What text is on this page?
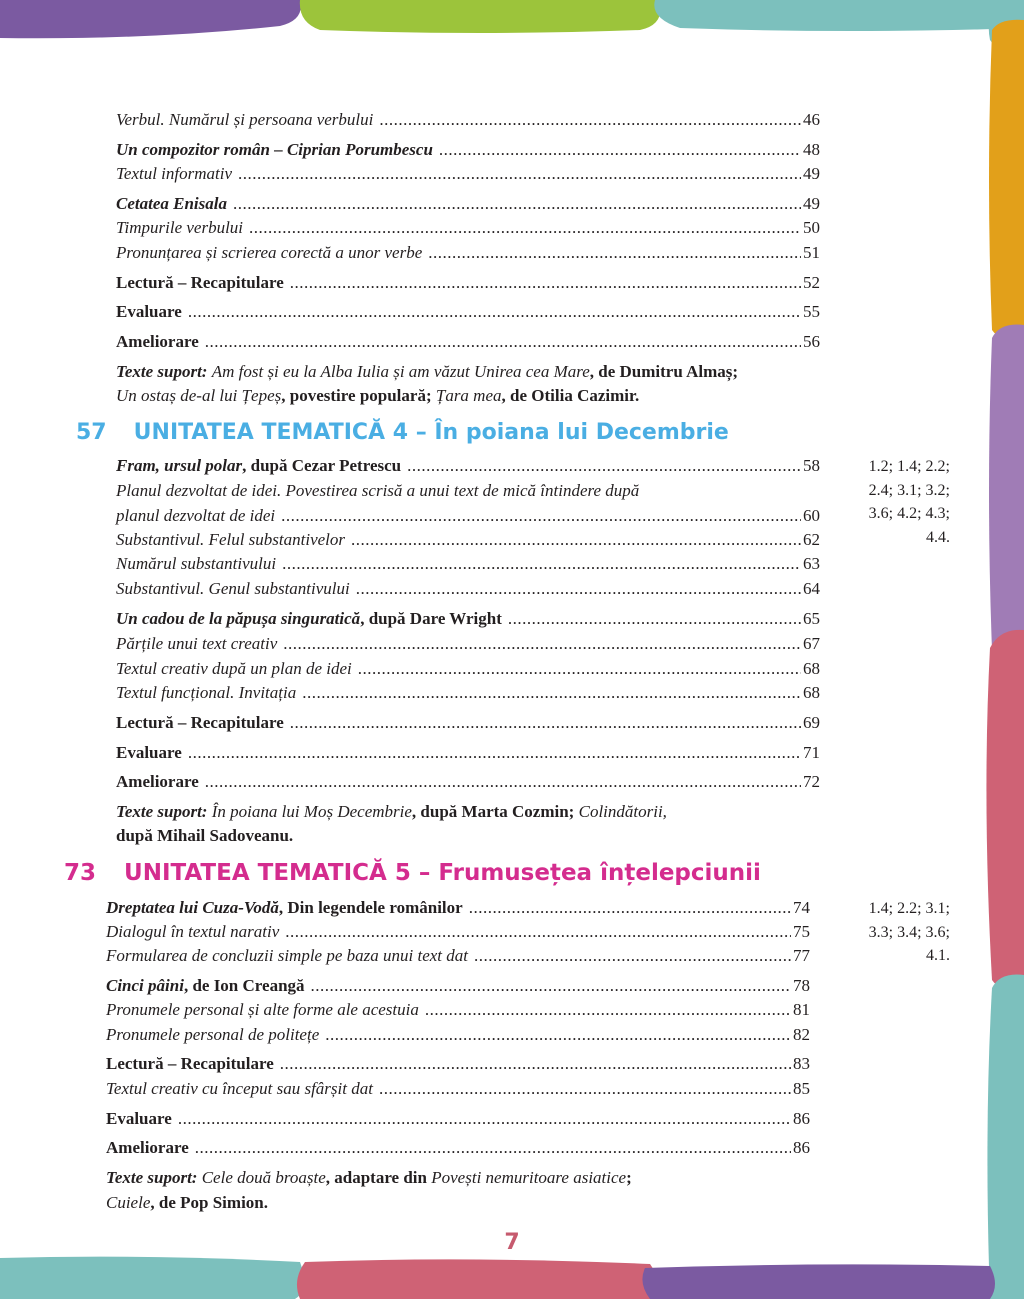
Verbul. Numărul și persoana verbului .....	46
Un compozitor român – Ciprian Porumbescu .....	48
Textul informativ .....	49
Cetatea Enisala .....	49
Timpurile verbului .....	50
Pronunțarea și scrierea corectă a unor verbe .....	51
Lectură – Recapitulare .....	52
Evaluare .....	55
Ameliorare .....	56
Texte suport: Am fost și eu la Alba Iulia și am văzut Unirea cea Mare, de Dumitru Almaș;
Un ostaș de-al lui Țepeș, povestire populară; Țara mea, de Otilia Cazimir.
57 UNITATEA TEMATICĂ 4 – În poiana lui Decembrie
Fram, ursul polar, după Cezar Petrescu .....	58
Planul dezvoltat de idei. Povestirea scrisă a unui text de mică întindere după
planul dezvoltat de idei .....	60
Substantivul. Felul substantivelor .....	62
Numărul substantivului .....	63
Substantivul. Genul substantivului .....	64
Un cadou de la păpușa singuratică, după Dare Wright .....	65
Părțile unui text creativ .....	67
Textul creativ după un plan de idei .....	68
Textul funcțional. Invitația .....	68
Lectură – Recapitulare .....	69
Evaluare .....	71
Ameliorare .....	72
Texte suport: În poiana lui Moș Decembrie, după Marta Cozmin; Colindătorii,
după Mihail Sadoveanu.
1.2; 1.4; 2.2;
2.4; 3.1; 3.2;
3.6; 4.2; 4.3;
4.4.
73 UNITATEA TEMATICĂ 5 – Frumusețea înțelepciunii
Dreptatea lui Cuza-Vodă, Din legendele românilor .....	74
Dialogul în textul narativ .....	75
Formularea de concluzii simple pe baza unui text dat .....	77
Cinci pâini, de Ion Creangă .....	78
Pronumele personal și alte forme ale acestuia .....	81
Pronumele personal de politețe .....	82
Lectură – Recapitulare .....	83
Textul creativ cu început sau sfârșit dat .....	85
Evaluare .....	86
Ameliorare .....	86
Texte suport: Cele două broaște, adaptare din Povești nemuritoare asiatice;
Cuiele, de Pop Simion.
1.4; 2.2; 3.1;
3.3; 3.4; 3.6;
4.1.
7
